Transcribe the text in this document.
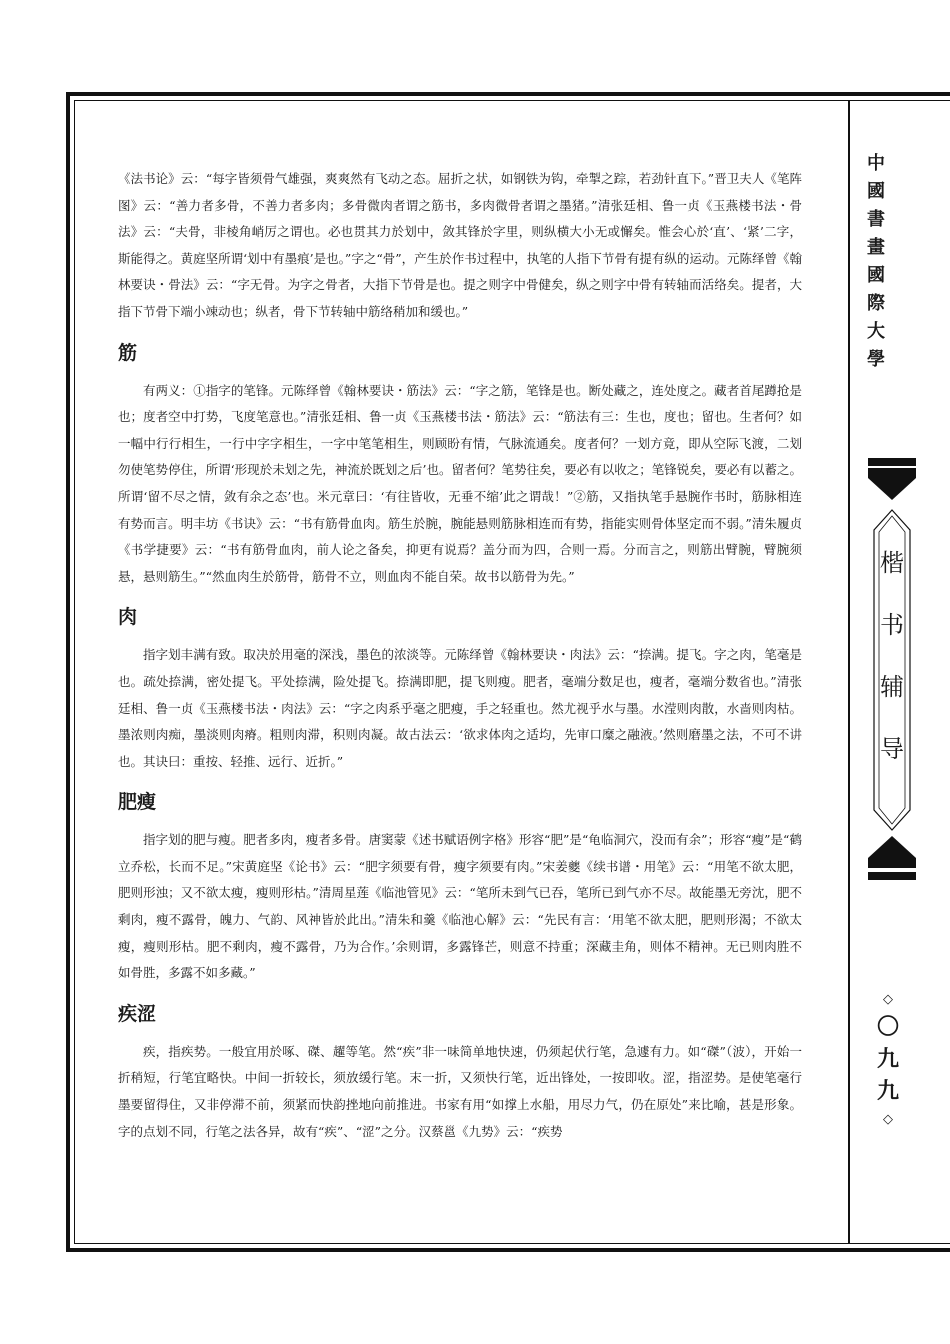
《法书论》云：“每字皆须骨气雄强，爽爽然有飞动之态。屈折之状，如钢铁为钩，牵掣之踪，若劲针直下。”晋卫夫人《笔阵图》云：“善力者多骨，不善力者多肉；多骨微肉者谓之筋书，多肉微骨者谓之墨猪。”清张廷相、鲁一贞《玉燕楼书法・骨法》云：“夫骨，非棱角峭厉之谓也。必也贯其力於划中，敛其锋於字里，则纵横大小无或懈矣。惟会心於‘直’、‘紧’二字，斯能得之。黄庭坚所谓‘划中有墨痕’是也。”字之“骨”，产生於作书过程中，执笔的人指下节骨有提有纵的运动。元陈绎曾《翰林要诀・骨法》云：“字无骨。为字之骨者，大指下节骨是也。提之则字中骨健矣，纵之则字中骨有转轴而活络矣。提者，大指下节骨下端小竦动也；纵者，骨下节转轴中筋络稍加和缓也。”

筋

有两义：①指字的笔锋。元陈绎曾《翰林要诀・筋法》云：“字之筋，笔锋是也。断处藏之，连处度之。藏者首尾蹲抢是也；度者空中打势，飞度笔意也。”清张廷相、鲁一贞《玉燕楼书法・筋法》云：“筋法有三：生也，度也；留也。生者何？如一幅中行行相生，一行中字字相生，一字中笔笔相生，则顾盼有情，气脉流通矣。度者何？一划方竟，即从空际飞渡，二划勿使笔势停住，所谓‘形现於未划之先，神流於既划之后’也。留者何？笔势往矣，要必有以收之；笔锋锐矣，要必有以蓄之。所谓‘留不尽之情，敛有余之态’也。米元章曰：‘有往皆收，无垂不缩’此之谓哉！”②筋，又指执笔手悬腕作书时，筋脉相连有势而言。明丰坊《书诀》云：“书有筋骨血肉。筋生於腕，腕能悬则筋脉相连而有势，指能实则骨体坚定而不弱。”清朱履贞《书学捷要》云：“书有筋骨血肉，前人论之备矣，抑更有说焉？盖分而为四，合则一焉。分而言之，则筋出臂腕，臂腕须悬，悬则筋生。”“然血肉生於筋骨，筋骨不立，则血肉不能自荣。故书以筋骨为先。”

肉

指字划丰满有致。取决於用毫的深浅，墨色的浓淡等。元陈绎曾《翰林要诀・肉法》云：“捺满。提飞。字之肉，笔毫是也。疏处捺满，密处提飞。平处捺满，险处提飞。捺满即肥，提飞则瘦。肥者，毫端分数足也，瘦者，毫端分数省也。”清张廷相、鲁一贞《玉燕楼书法・肉法》云：“字之肉系乎毫之肥瘦，手之轻重也。然尤视乎水与墨。水滢则肉散，水啬则肉枯。墨浓则肉痴，墨淡则肉瘠。粗则肉滞，积则肉凝。故古法云：‘欲求体肉之适均，先审口糜之融液。’然则磨墨之法，不可不讲也。其诀曰：重按、轻推、远行、近折。”

肥瘦

指字划的肥与瘦。肥者多肉，瘦者多骨。唐窦蒙《述书赋语例字格》形容“肥”是“龟临洞穴，没而有余”；形容“瘦”是“鹤立乔松，长而不足。”宋黄庭坚《论书》云：“肥字须要有骨，瘦字须要有肉。”宋姜夔《续书谱・用笔》云：“用笔不欲太肥，肥则形浊；又不欲太瘦，瘦则形枯。”清周星莲《临池管见》云：“笔所未到气已吞，笔所已到气亦不尽。故能墨无旁沈，肥不剩肉，瘦不露骨，魄力、气韵、风神皆於此出。”清朱和羹《临池心解》云：“先民有言：‘用笔不欲太肥，肥则形渴；不欲太瘦，瘦则形枯。肥不剩肉，瘦不露骨，乃为合作。’余则谓，多露锋芒，则意不持重；深藏圭角，则体不精神。无已则肉胜不如骨胜，多露不如多藏。”

疾涩

疾，指疾势。一般宜用於啄、磔、趯等笔。然“疾”非一味简单地快速，仍须起伏行笔，急遽有力。如“磔”（波），开始一折稍短，行笔宜略快。中间一折较长，须放缓行笔。末一折，又须快行笔，近出锋处，一按即收。涩，指涩势。是使笔毫行墨要留得住，又非停滞不前，须紧而快韵挫地向前推进。书家有用“如撑上水船，用尽力气，仍在原处”来比喻，甚是形象。字的点划不同，行笔之法各异，故有“疾”、“涩”之分。汉蔡邕《九势》云：“疾势

中
國
書
畫
國
際
大
學
楷
书
辅
导
◇
〇
九
九
◇
